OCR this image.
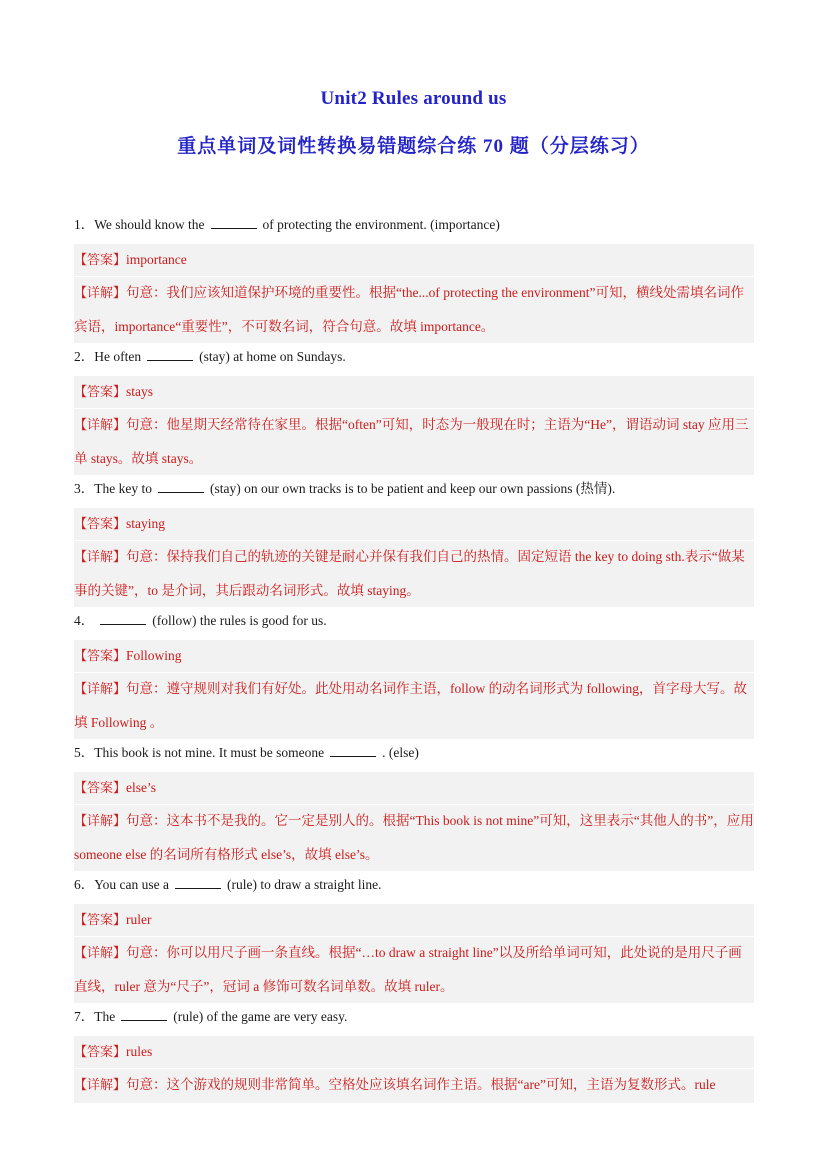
Unit2 Rules around us
重点单词及词性转换易错题综合练 70 题（分层练习）
1．We should know the	of protecting the environment. (importance)
【答案】importance
【详解】句意：我们应该知道保护环境的重要性。根据“the...of protecting the environment”可知，横线处需填名词作宾语，importance“重要性”，不可数名词，符合句意。故填 importance。
2．He often	(stay) at home on Sundays.
【答案】stays
【详解】句意：他星期天经常待在家里。根据“often”可知，时态为一般现在时；主语为“He”，谓语动词 stay 应用三单 stays。故填 stays。
3．The key to	(stay) on our own tracks is to be patient and keep our own passions (热情).
【答案】staying
【详解】句意：保持我们自己的轨迹的关键是耐心并保有我们自己的热情。固定短语 the key to doing sth.表示“做某事的关键”，to 是介词，其后跟动名词形式。故填 staying。
4．	(follow) the rules is good for us.
【答案】Following
【详解】句意：遵守规则对我们有好处。此处用动名词作主语，follow 的动名词形式为 following，首字母大写。故填 Following 。
5．This book is not mine. It must be someone	. (else)
【答案】else’s
【详解】句意：这本书不是我的。它一定是别人的。根据“This book is not mine”可知，这里表示“其他人的书”，应用 someone else 的名词所有格形式 else’s，故填 else’s。
6．You can use a	(rule) to draw a straight line.
【答案】ruler
【详解】句意：你可以用尺子画一条直线。根据“…to draw a straight line”以及所给单词可知，此处说的是用尺子画直线，ruler 意为“尺子”，冠词 a 修饰可数名词单数。故填 ruler。
7．The	(rule) of the game are very easy.
【答案】rules
【详解】句意：这个游戏的规则非常简单。空格处应该填名词作主语。根据“are”可知，主语为复数形式。rule
